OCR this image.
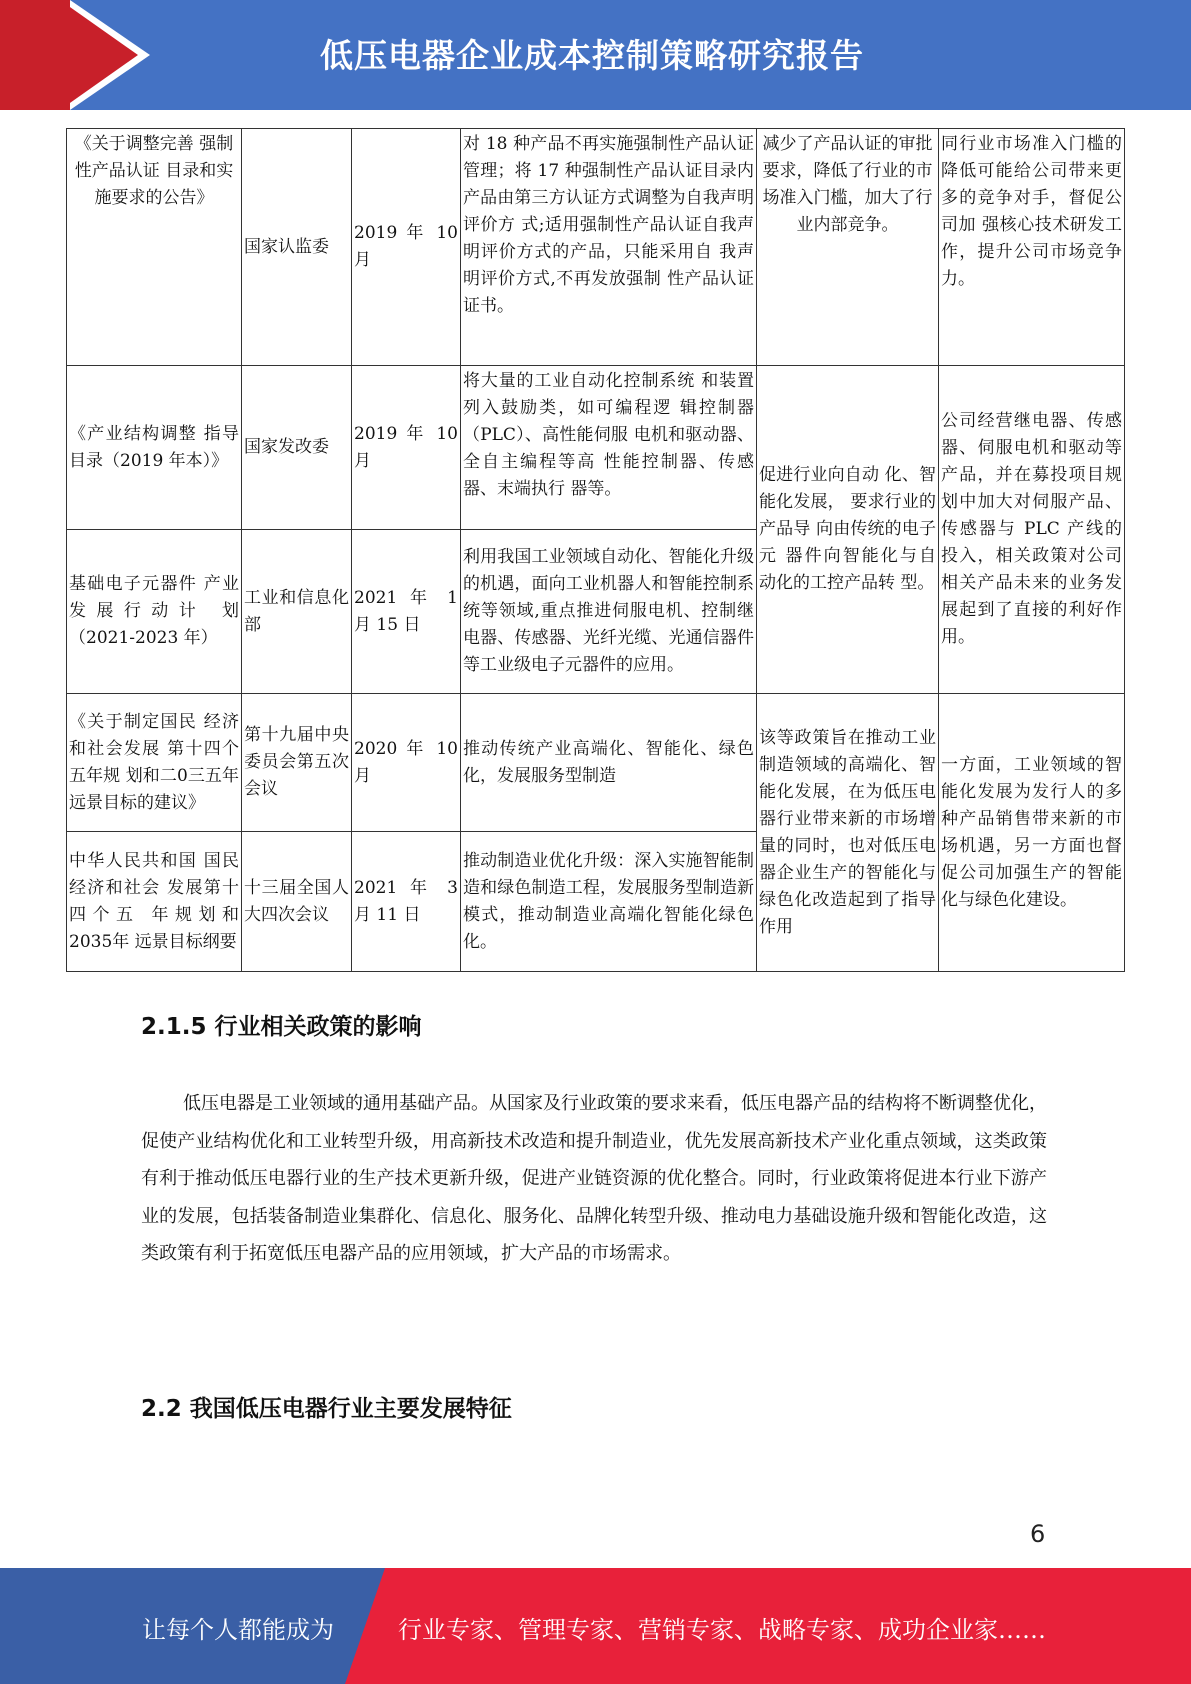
低压电器企业成本控制策略研究报告
《关于调整完善 强制性产品认证 目录和实施要求的公告》	国家认监委	2019 年 10 月	对 18 种产品不再实施强制性产品认证管理；将 17 种强制性产品认证目录内产品由第三方认证方式调整为自我声明评价方 式;适用强制性产品认证自我声 明评价方式的产品，只能采用自 我声明评价方式,不再发放强制 性产品认证证书。	减少了产品认证的审批要求，降低了行业的市场准入门槛，加大了行业内部竞争。	同行业市场准入门槛的降低可能给公司带来更多的竞争对手，督促公司加 强核心技术研发工作，提升公司市场竞争力。
《产业结构调整 指导目录（2019 年本）》	国家发改委	2019 年 10 月	将大量的工业自动化控制系统 和装置列入鼓励类，如可编程逻 辑控制器（PLC）、高性能伺服 电机和驱动器、全自主编程等高 性能控制器、传感器、末端执行 器等。	促进行业向自动 化、智能化发展， 要求行业的产品导 向由传统的电子元 器件向智能化与自 动化的工控产品转 型。	公司经营继电器、传感器、伺服电机和驱动等产品，并在募投项目规划中加大对伺服产品、传感器与 PLC 产线的投入，相关政策对公司相关产品未来的业务发展起到了直接的利好作 用。
基础电子元器件 产业发展行动计 划（2021-2023 年）	工业和信息化部	2021 年 1 月 15 日	利用我国工业领域自动化、智能化升级的机遇，面向工业机器人和智能控制系统等领域,重点推进伺服电机、控制继电器、传感器、光纤光缆、光通信器件等工业级电子元器件的应用。		
《关于制定国民 经济和社会发展 第十四个五年规 划和二0三五年 远景目标的建议》	第十九届中央委员会第五次会议	2020 年 10 月	推动传统产业高端化、智能化、绿色化，发展服务型制造	该等政策旨在推动工业制造领域的高端化、智能化发展，在为低压电器行业带来新的市场增量的同时，也对低压电器企业生产的智能化与绿色化改造起到了指导作用	一方面，工业领域的智能化发展为发行人的多种产品销售带来新的市场机遇，另一方面也督促公司加强生产的智能化与绿色化建设。
中华人民共和国 国民经济和社会 发展第十四个五 年规划和 2035年 远景目标纲要	十三届全国人大四次会议	2021 年 3 月 11 日	推动制造业优化升级：深入实施智能制造和绿色制造工程，发展服务型制造新模式，推动制造业高端化智能化绿色化。		
2.1.5 行业相关政策的影响
低压电器是工业领域的通用基础产品。从国家及行业政策的要求来看，低压电器产品的结构将不断调整优化，促使产业结构优化和工业转型升级，用高新技术改造和提升制造业，优先发展高新技术产业化重点领域，这类政策有利于推动低压电器行业的生产技术更新升级，促进产业链资源的优化整合。同时，行业政策将促进本行业下游产业的发展，包括装备制造业集群化、信息化、服务化、品牌化转型升级、推动电力基础设施升级和智能化改造，这类政策有利于拓宽低压电器产品的应用领域，扩大产品的市场需求。
2.2 我国低压电器行业主要发展特征
6
让每个人都能成为	行业专家、管理专家、营销专家、战略专家、成功企业家……
